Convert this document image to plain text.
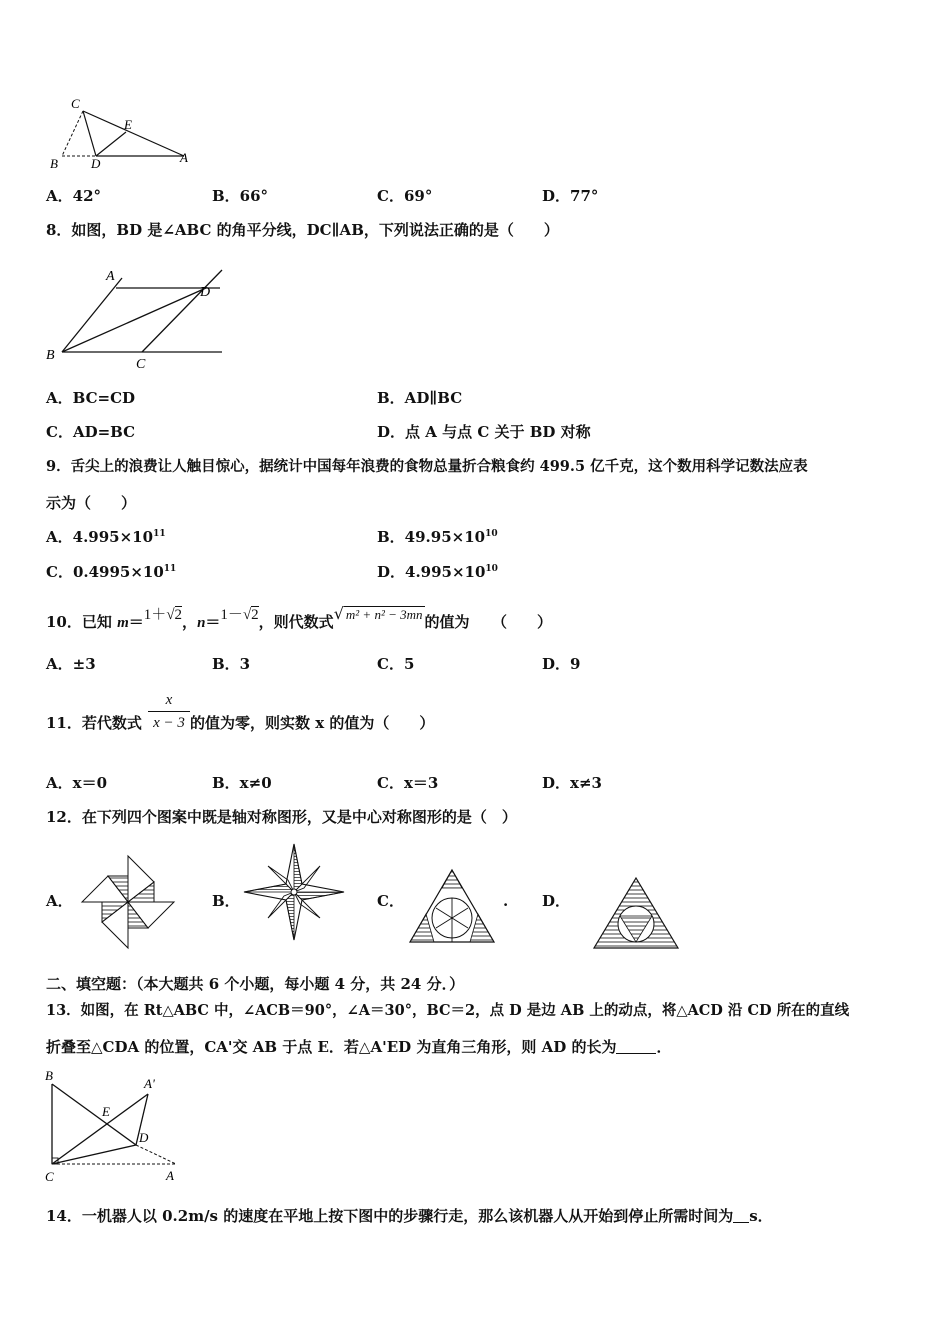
C
E
B	D	A
A．42°	B．66°	C．69°	D．77°
8．如图，BD 是∠ABC 的角平分线，DC∥AB，下列说法正确的是（　　）
A
D
B
C
A．BC=CD	B．AD∥BC
C．AD=BC	D．点 A 与点 C 关于 BD 对称
9．舌尖上的浪费让人触目惊心，据统计中国每年浪费的食物总量折合粮食约 499.5 亿千克，这个数用科学记数法应表
示为（　　）
A．$4.995\times 10^{11}$	B．$49.95\times 10^{10}$
C．$0.4995\times 10^{11}$	D．$4.995\times 10^{10}$
10．已知 m＝1＋√2，n＝1－√2，则代数式√ m² + n² − 3mn 的值为　　（　　）
A．±3	B．3	C．5	D．9
11．若代数式
x
x − 3 的值为零，则实数 x 的值为（　　）
A．x＝0	B．x≠0	C．x＝3	D．x≠3
12．在下列四个图案中既是轴对称图形，又是中心对称图形的是（　）
A．	B．	C．	. D．
二、填空题：（本大题共 6 个小题，每小题 4 分，共 24 分．）
13．如图，在 Rt△ABC 中，∠ACB＝90°，∠A＝30°，BC＝2，点 D 是边 AB 上的动点，将△ACD 沿 CD 所在的直线
折叠至△CDA 的位置，CA'交 AB 于点 E．若△A'ED 为直角三角形，则 AD 的长为	．
B
A'
E
D
C	A
14．一机器人以 0.2m/s 的速度在平地上按下图中的步骤行走，那么该机器人从开始到停止所需时间为 s．
